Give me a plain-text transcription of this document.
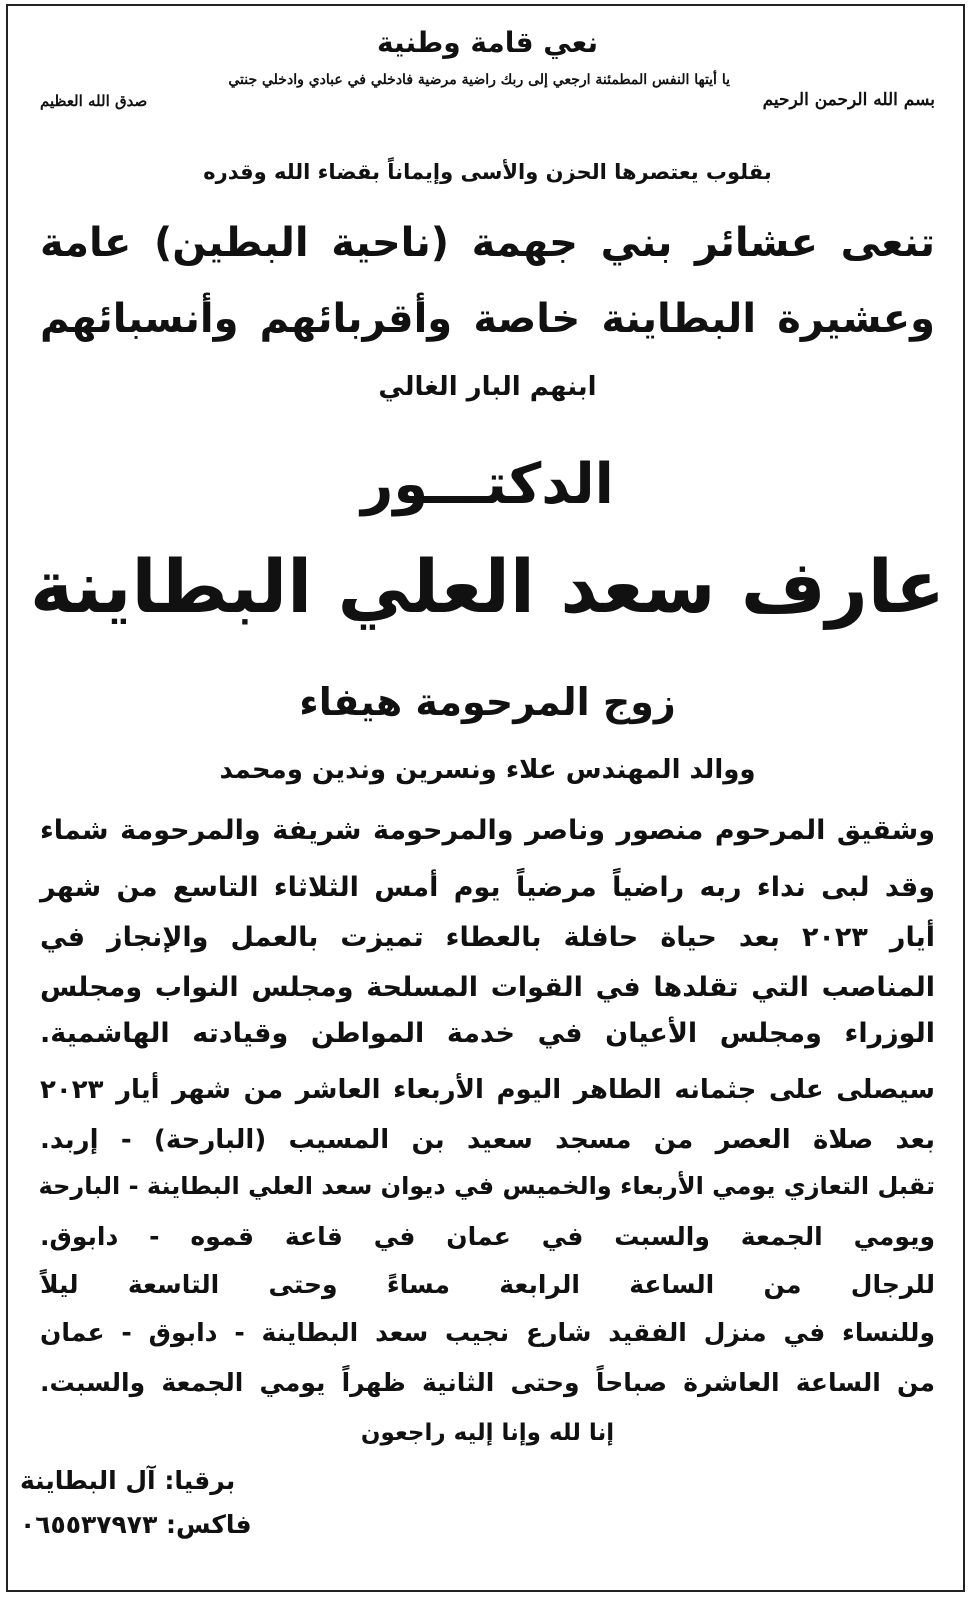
نعي قامة وطنية
بسم الله الرحمن الرحيم
يا أيتها النفس المطمئنة ارجعي إلى ربك راضية مرضية فادخلي في عبادي وادخلي جنتي
صدق الله العظيم
بقلوب يعتصرها الحزن والأسى وإيماناً بقضاء الله وقدره
تنعى عشائر بني جهمة (ناحية البطين) عامة
وعشيرة البطاينة خاصة وأقربائهم وأنسبائهم
ابنهم البار الغالي
الدكتـــور
عارف سعد العلي البطاينة
زوج المرحومة هيفاء
ووالد المهندس علاء ونسرين وندين ومحمد
وشقيق المرحوم منصور وناصر والمرحومة شريفة والمرحومة شماء
وقد لبى نداء ربه راضياً مرضياً يوم أمس الثلاثاء التاسع من شهر
أيار ٢٠٢٣ بعد حياة حافلة بالعطاء تميزت بالعمل والإنجاز في
المناصب التي تقلدها في القوات المسلحة ومجلس النواب ومجلس
الوزراء ومجلس الأعيان في خدمة المواطن وقيادته الهاشمية.
سيصلى على جثمانه الطاهر اليوم الأربعاء العاشر من شهر أيار ٢٠٢٣
بعد صلاة العصر من مسجد سعيد بن المسيب (البارحة) - إربد.
تقبل التعازي يومي الأربعاء والخميس في ديوان سعد العلي البطاينة - البارحة
ويومي الجمعة والسبت في عمان في قاعة قموه - دابوق.
للرجال من الساعة الرابعة مساءً وحتى التاسعة ليلاً
وللنساء في منزل الفقيد شارع نجيب سعد البطاينة - دابوق - عمان
من الساعة العاشرة صباحاً وحتى الثانية ظهراً يومي الجمعة والسبت.
إنا لله وإنا إليه راجعون
برقيا: آل البطاينة
فاكس: ٠٦٥٥٣٧٩٧٣
